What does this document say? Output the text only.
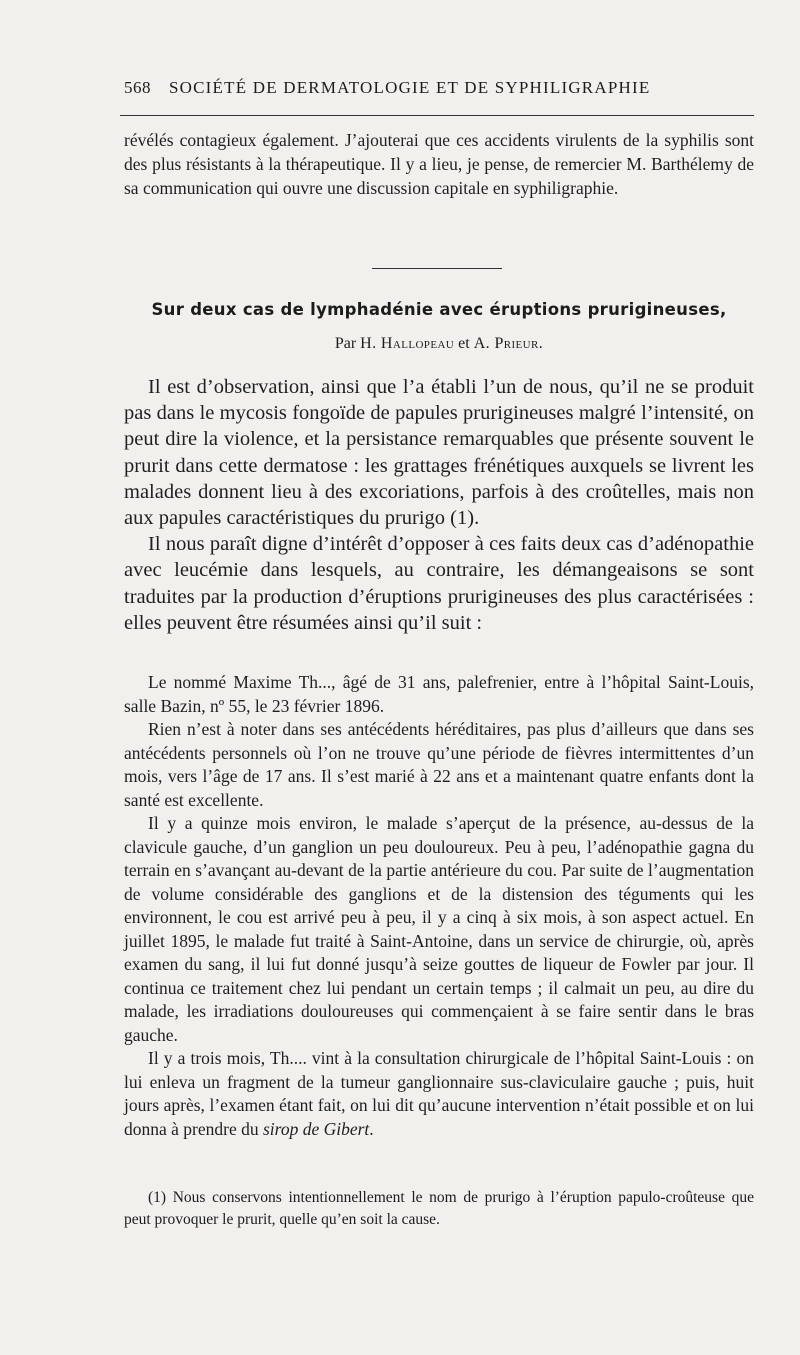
568 SOCIÉTÉ DE DERMATOLOGIE ET DE SYPHILIGRAPHIE
révélés contagieux également. J’ajouterai que ces accidents virulents de la syphilis sont des plus résistants à la thérapeutique. Il y a lieu, je pense, de remercier M. Barthélemy de sa communication qui ouvre une discussion capitale en syphiligraphie.
Sur deux cas de lymphadénie avec éruptions prurigineuses,
Par H. Hallopeau et A. Prieur.

Il est d’observation, ainsi que l’a établi l’un de nous, qu’il ne se produit pas dans le mycosis fongoïde de papules prurigineuses malgré l’intensité, on peut dire la violence, et la persistance remarquables que présente souvent le prurit dans cette dermatose : les grattages frénétiques auxquels se livrent les malades donnent lieu à des excoriations, parfois à des croûtelles, mais non aux papules caractéristiques du prurigo (1).

Il nous paraît digne d’intérêt d’opposer à ces faits deux cas d’adénopathie avec leucémie dans lesquels, au contraire, les démangeaisons se sont traduites par la production d’éruptions prurigineuses des plus caractérisées : elles peuvent être résumées ainsi qu’il suit :

Le nommé Maxime Th..., âgé de 31 ans, palefrenier, entre à l’hôpital Saint-Louis, salle Bazin, nº 55, le 23 février 1896.

Rien n’est à noter dans ses antécédents héréditaires, pas plus d’ailleurs que dans ses antécédents personnels où l’on ne trouve qu’une période de fièvres intermittentes d’un mois, vers l’âge de 17 ans. Il s’est marié à 22 ans et a maintenant quatre enfants dont la santé est excellente.

Il y a quinze mois environ, le malade s’aperçut de la présence, au-dessus de la clavicule gauche, d’un ganglion un peu douloureux. Peu à peu, l’adénopathie gagna du terrain en s’avançant au-devant de la partie antérieure du cou. Par suite de l’augmentation de volume considérable des ganglions et de la distension des téguments qui les environnent, le cou est arrivé peu à peu, il y a cinq à six mois, à son aspect actuel. En juillet 1895, le malade fut traité à Saint-Antoine, dans un service de chirurgie, où, après examen du sang, il lui fut donné jusqu’à seize gouttes de liqueur de Fowler par jour. Il continua ce traitement chez lui pendant un certain temps ; il calmait un peu, au dire du malade, les irradiations douloureuses qui commençaient à se faire sentir dans le bras gauche.

Il y a trois mois, Th.... vint à la consultation chirurgicale de l’hôpital Saint-Louis : on lui enleva un fragment de la tumeur ganglionnaire sus-claviculaire gauche ; puis, huit jours après, l’examen étant fait, on lui dit qu’aucune intervention n’était possible et on lui donna à prendre du sirop de Gibert.

(1) Nous conservons intentionnellement le nom de prurigo à l’éruption papulo-croûteuse que peut provoquer le prurit, quelle qu’en soit la cause.
